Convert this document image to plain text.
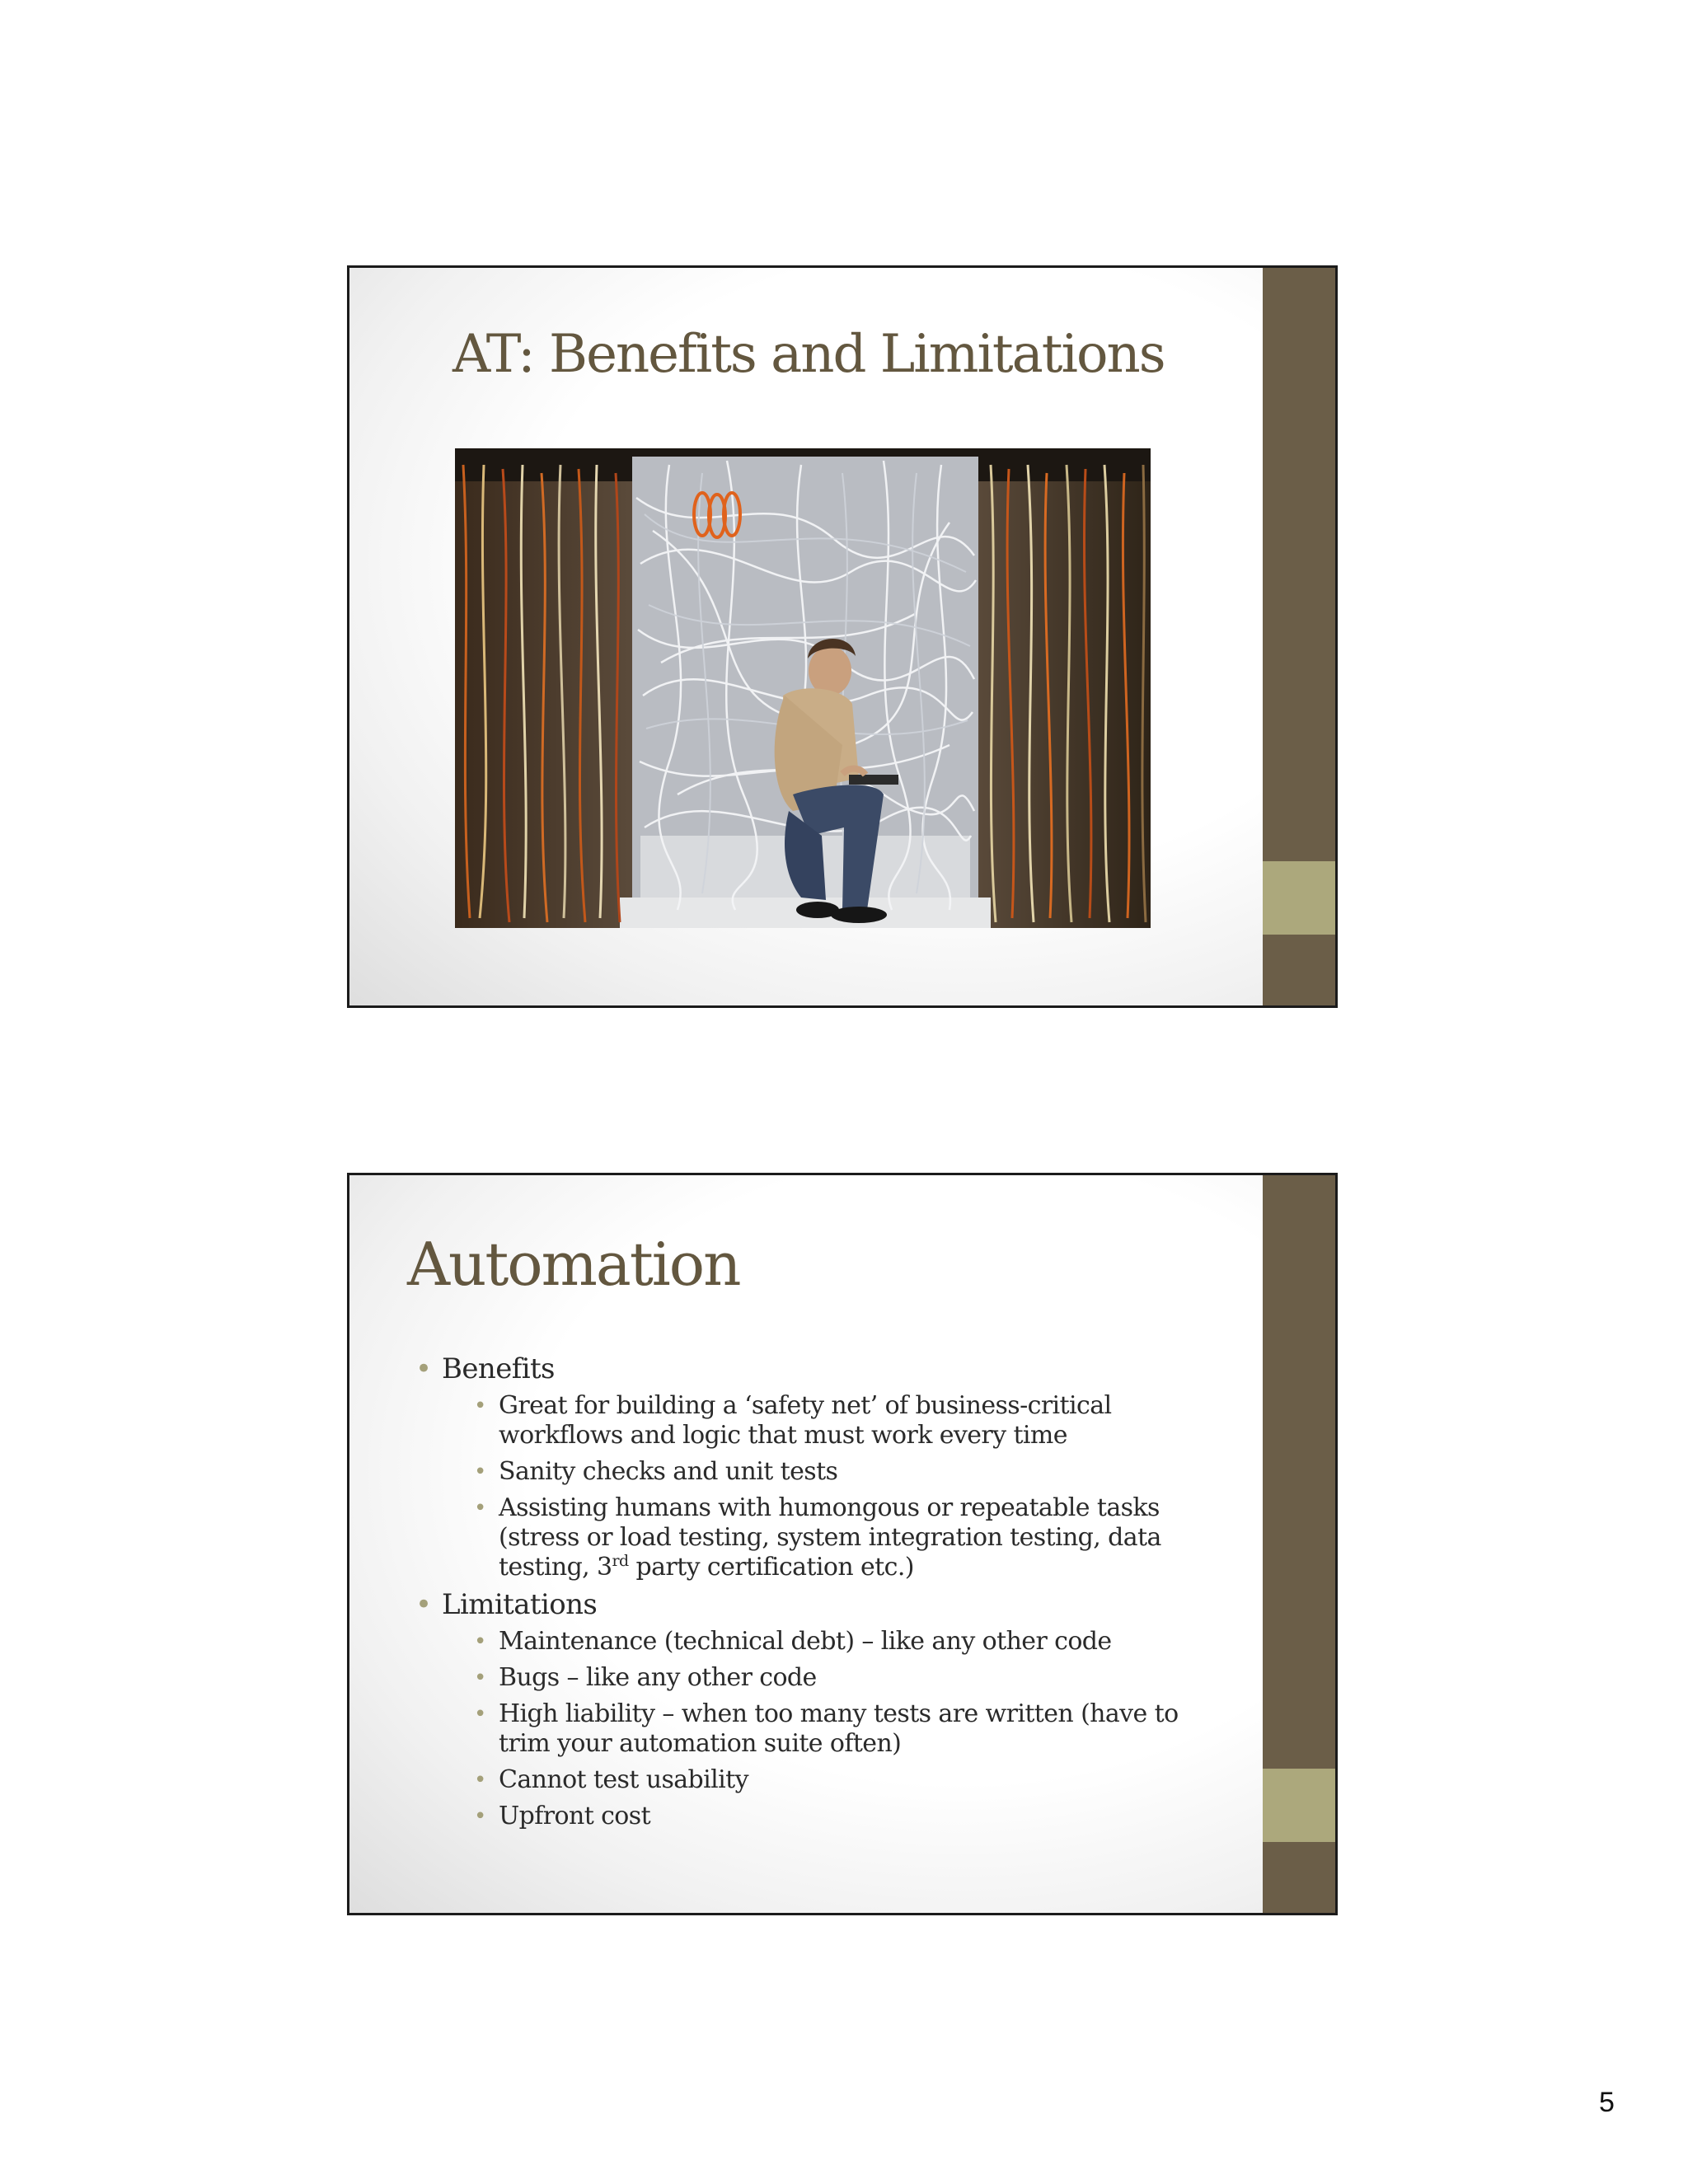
AT: Benefits and Limitations
Automation
• Benefits
• Great for building a ‘safety net’ of business-critical workflows and logic that must work every time
• Sanity checks and unit tests
• Assisting humans with humongous or repeatable tasks (stress or load testing, system integration testing, data testing, 3rd party certification etc.)
• Limitations
• Maintenance (technical debt) – like any other code
• Bugs – like any other code
• High liability – when too many tests are written (have to trim your automation suite often)
• Cannot test usability
• Upfront cost
5
